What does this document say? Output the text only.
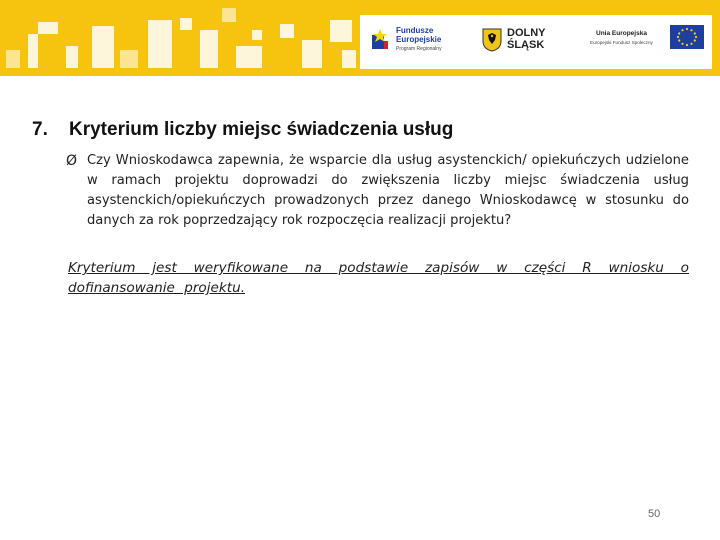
Fundusze
Europejskie
Program Regionalny
DOLNY
ŚLĄSK
Unia Europejska
Europejski Fundusz Społeczny
7. Kryterium liczby miejsc świadczenia usług
Ø Czy Wnioskodawca zapewnia, że wsparcie dla usług asystenckich/ opiekuńczych udzielone w ramach projektu doprowadzi do zwiększenia liczby miejsc świadczenia usług asystenckich/opiekuńczych prowadzonych przez danego Wnioskodawcę w stosunku do danych za rok poprzedzający rok rozpoczęcia realizacji projektu?
Kryterium jest weryfikowane na podstawie zapisów w części R wniosku o dofinansowanie projektu.
50
